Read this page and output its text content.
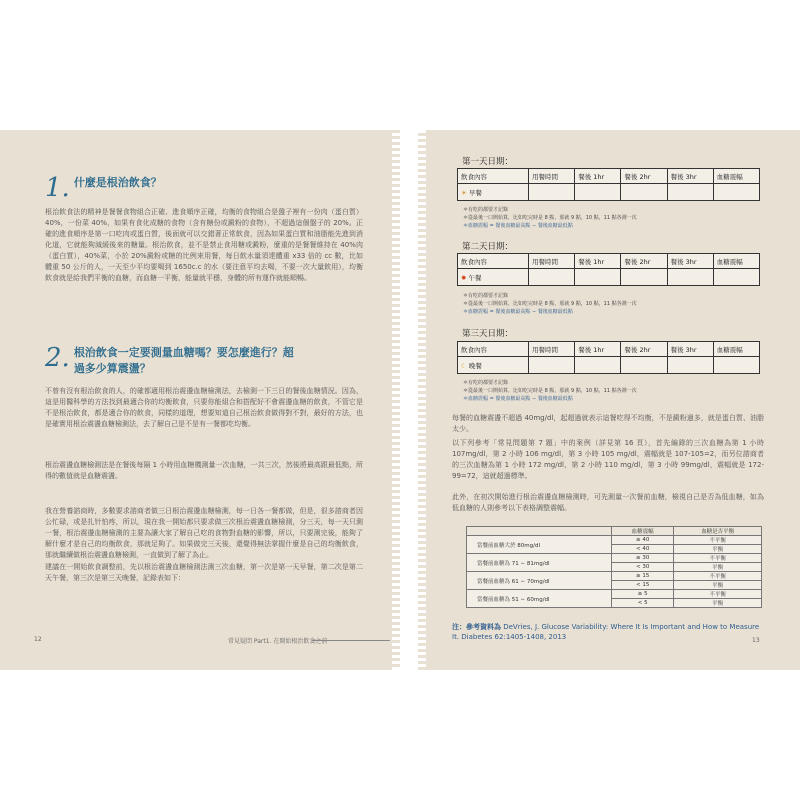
1. 什麼是根治飲食？

根治飲食法的精神是餐餐食物組合正確、進食順序正確，均衡的食物組合是盤子裡有一份肉（蛋白質）40%，一份菜 40%，如果有食化成糖的食物（含有糖份或澱粉的食物），不超過這個盤子的 20%。正確的進食順序是第一口吃肉或蛋白質，後面就可以交錯著正常飲食，因為如果蛋白質和油脂能先進到消化道，它就能夠減緩後來的糖量。根治飲食，並不是禁止食用糖或澱粉，麼重的是餐餐維持在 40%肉（蛋白質），40%菜，小於 20%澱粉或糖的比例來用餐，每日飲水量須達體重 x33 倍的 cc 數，比如體重 50 公斤的人，一天至少平均要喝到 1650c.c 的水（要注意平均去喝，不要一次大量飲用），均衡飲食就是給我們平衡的血糖，而血糖一平衡，能量就平穩，身體的所有運作就能順暢。

2. 根治飲食一定要測量血糖嗎？要怎麼進行？超過多少算震盪？

不曾有沒有根治飲食的人，的確都適用根治震盪血糖檢測法，去檢測一下三日的餐後血糖情況。因為，這是用醫科學的方法找到最適合你的均衡飲食，只要你能組合和搭配好不會震盪血糖的飲食，不管它是不是根治飲食，都是適合你的飲食，同樣的道理，想要知道自己根治飲食做得對不對，最好的方法，也是確實用根治震盪血糖檢測法，去了解自己是不是有一餐都吃均衡。

根治震盪血糖檢測法是在餐後每隔 1 小時用血糖機測量一次血糖，一共三次，然後將最高跟最低點，所得的數值就是血糖震盪。

我在營養諮商時，多數要求諮商者做三日根治震盪血糖檢測，每一日各一餐都做，但是，很多諮商者因公忙碌，或是扎针怕疼，所以，現在我一開始都只要求做三次根治震盪血糖檢測，分三天，每一天只測一餐，根治震盪血糖檢測的主要為讓大家了解自己吃的食物對血糖的影響，所以，只要測完後，能夠了解什麼才是自己的均衡飲食，那就足夠了。如果做完三天後，還覺得無法掌握什麼是自己的均衡飲食，那就繼續做根治震盪血糖檢測，一直做到了解了為止。

建議在一開始飲食調整前，先以根治震盪血糖檢測法測三次血糖，第一次是第一天早餐，第二次是第二天午餐，第三次是第三天晚餐，記錄表如下：

12	常見疑問 Part1. 在開始根治飲食之前
第一天日期：
飲食內容	用餐時間	餐後 1hr	餐後 2hr	餐後 3hr	血糖震幅
☀ 早餐					
＊有吃的都要才記錄
＊從最後一口開始算，比如吃完時是 8 點，那就 9 點，10 點，11 點各測一次
＊血糖震幅 = 餐後血糖最高點 − 餐後血糖最低點
第二天日期：
飲食內容	用餐時間	餐後 1hr	餐後 2hr	餐後 3hr	血糖震幅
✹ 午餐					
＊有吃的都要才記錄
＊從最後一口開始算，比如吃完時是 8 點，那就 9 點，10 點，11 點各測一次
＊血糖震幅 = 餐後血糖最高點 − 餐後血糖最低點
第三天日期：
飲食內容	用餐時間	餐後 1hr	餐後 2hr	餐後 3hr	血糖震幅
☾ 晚餐					
＊有吃的都要才記錄
＊從最後一口開始算，比如吃完時是 8 點，那就 9 點，10 點，11 點各測一次
＊血糖震幅 = 餐後血糖最高點 − 餐後血糖最低點

每餐的血糖震盪不超過 40mg/dl，起超過就表示這餐吃得不均衡，不是澱粉過多，就是蛋白質、油脂太少。

以下列參考「常見問題第 7 題」中的案例（詳見第 16 頁），首先編錄的三次血糖為第 1 小時 107mg/dl，第 2 小時 106 mg/dl，第 3 小時 105 mg/dl，震幅就是 107-105=2，而另位諮商者的三次血糖為第 1 小時 172 mg/dl，第 2 小時 110 mg/dl，第 3 小時 99mg/dl，震幅就是 172-99=72，這就超過標準。

此外，在初次開始進行根治震盪血糖檢測時，可先測量一次餐前血糖，檢視自己是否為低血糖，如為低血糖的人則參考以下表格調整震幅。

	血糖震幅	血糖是否平衡
當餐前血糖大於 80mg/dl	≥ 40	不平衡
	< 40	平衡
當餐前血糖為 71 ∼ 81mg/dl	≥ 30	不平衡
	< 30	平衡
當餐前血糖為 61 ∼ 70mg/dl	≥ 15	不平衡
	< 15	平衡
當餐前血糖為 51 ∼ 60mg/dl	≥ 5	不平衡
	< 5	平衡

注：參考資料為 DeVries, J. Glucose Variability: Where It Is Important and How to Measure It. Diabetes 62:1405-1408, 2013	13
